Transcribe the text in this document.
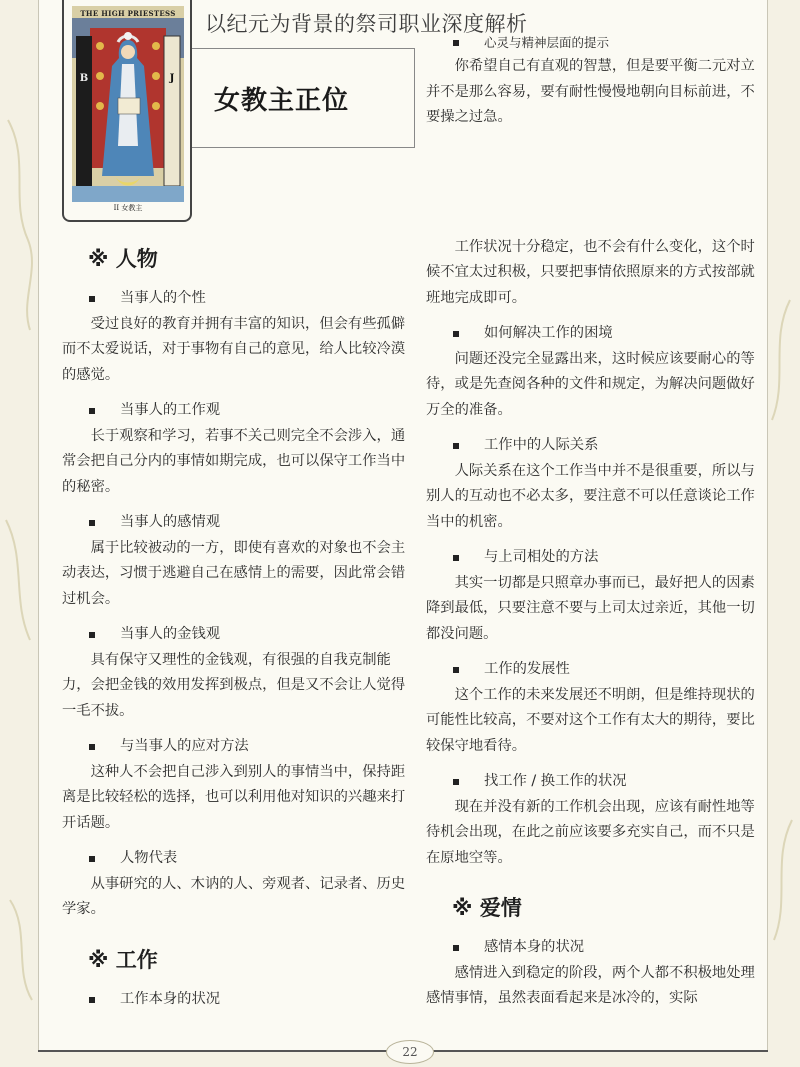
22
B	J
THE HIGH PRIESTESS
II 女教主
女教主正位
以纪元为背景的祭司职业深度解析
心灵与精神层面的提示
你希望自己有直观的智慧，但是要平衡二元对立并不是那么容易，要有耐性慢慢地朝向目标前进，不要操之过急。
工作状况十分稳定，也不会有什么变化，这个时候不宜太过积极，只要把事情依照原来的方式按部就班地完成即可。
如何解决工作的困境
问题还没完全显露出来，这时候应该要耐心的等待，或是先查阅各种的文件和规定，为解决问题做好万全的准备。
工作中的人际关系
人际关系在这个工作当中并不是很重要，所以与别人的互动也不必太多，要注意不可以任意谈论工作当中的机密。
与上司相处的方法
其实一切都是只照章办事而已，最好把人的因素降到最低，只要注意不要与上司太过亲近，其他一切都没问题。
工作的发展性
这个工作的未来发展还不明朗，但是维持现状的可能性比较高，不要对这个工作有太大的期待，要比较保守地看待。
找工作 / 换工作的状况
现在并没有新的工作机会出现，应该有耐性地等待机会出现，在此之前应该要多充实自己，而不只是在原地空等。
※ 爱情
感情本身的状况
感情进入到稳定的阶段，两个人都不积极地处理感情事情，虽然表面看起来是冰冷的，实际
※ 人物
当事人的个性
受过良好的教育并拥有丰富的知识，但会有些孤僻而不太爱说话，对于事物有自己的意见，给人比较冷漠的感觉。
当事人的工作观
长于观察和学习，若事不关己则完全不会涉入，通常会把自己分内的事情如期完成，也可以保守工作当中的秘密。
当事人的感情观
属于比较被动的一方，即使有喜欢的对象也不会主动表达，习惯于逃避自己在感情上的需要，因此常会错过机会。
当事人的金钱观
具有保守又理性的金钱观，有很强的自我克制能力，会把金钱的效用发挥到极点，但是又不会让人觉得一毛不拔。
与当事人的应对方法
这种人不会把自己涉入到别人的事情当中，保持距离是比较轻松的选择，也可以利用他对知识的兴趣来打开话题。
人物代表
从事研究的人、木讷的人、旁观者、记录者、历史学家。
※ 工作
工作本身的状况
